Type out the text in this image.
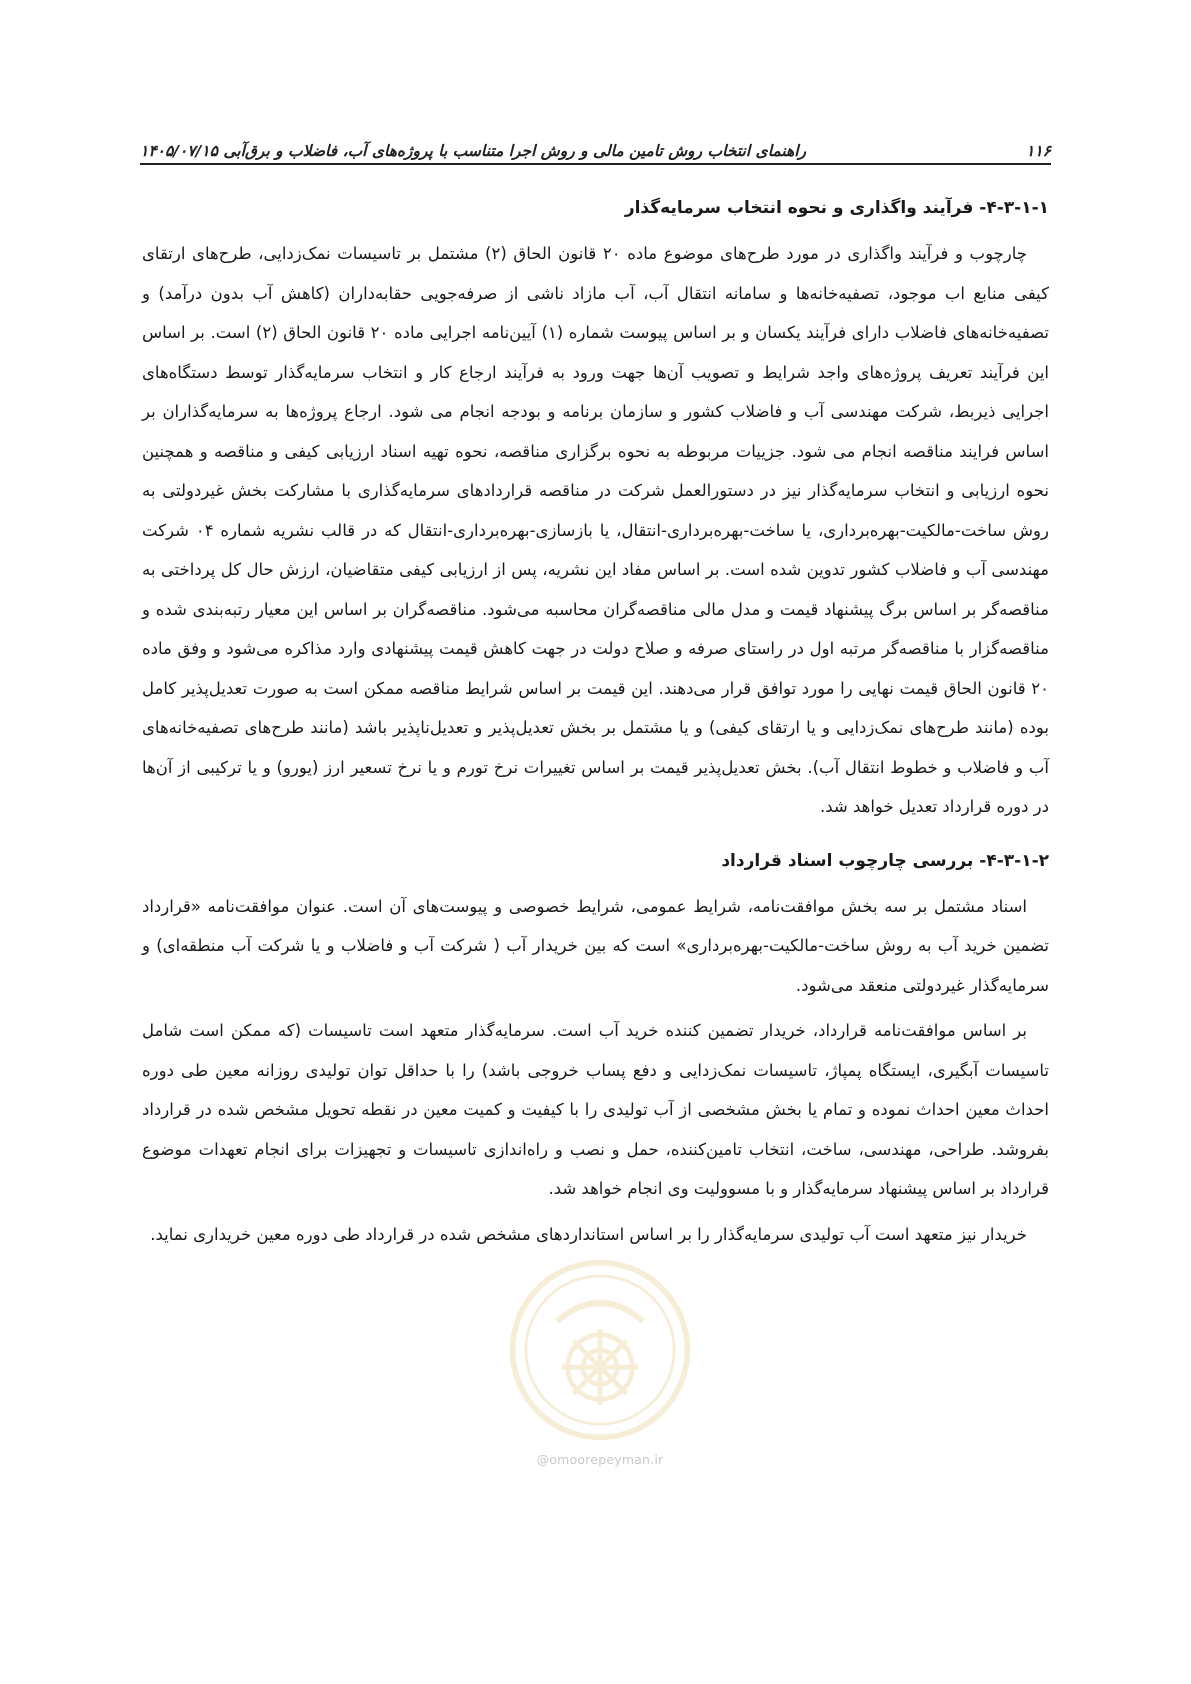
۱۱۶
راهنمای انتخاب روش تامین مالی و روش اجرا متناسب با پروژه‌های آب، فاضلاب و برق‌آبی ۱۴۰۵/۰۷/۱۵
۴-۳-۱-۱- فرآیند واگذاری و نحوه انتخاب سرمایه‌گذار

چارچوب و فرآیند واگذاری در مورد طرح‌های موضوع ماده ۲۰ قانون الحاق (۲) مشتمل بر تاسیسات نمک‌زدایی، طرح‌های ارتقای کیفی منابع اب موجود، تصفیه‌خانه‌ها و سامانه انتقال آب، آب مازاد ناشی از صرفه‌جویی حقابه‌داران (کاهش آب بدون درآمد) و تصفیه‌خانه‌های فاضلاب دارای فرآیند یکسان و بر اساس پیوست شماره (۱) آیین‌نامه اجرایی ماده ۲۰ قانون الحاق (۲) است. بر اساس این فرآیند تعریف پروژه‌های واجد شرایط و تصویب آن‌ها جهت ورود به فرآیند ارجاع کار و انتخاب سرمایه‌گذار توسط دستگاه‌های اجرایی ذیربط، شرکت مهندسی آب و فاضلاب کشور و سازمان برنامه و بودجه انجام می شود. ارجاع پروژه‌ها به سرمایه‌گذاران بر اساس فرایند مناقصه انجام می شود. جزییات مربوطه به نحوه برگزاری مناقصه، نحوه تهیه اسناد ارزیابی کیفی و مناقصه و همچنین نحوه ارزیابی و انتخاب سرمایه‌گذار نیز در دستورالعمل شرکت در مناقصه قراردادهای سرمایه‌گذاری با مشارکت بخش غیردولتی به روش ساخت-مالکیت-بهره‌برداری، یا ساخت-بهره‌برداری-انتقال، یا بازسازی-بهره‌برداری-انتقال که در قالب نشریه شماره ۰۴ شرکت مهندسی آب و فاضلاب کشور تدوین شده است. بر اساس مفاد این نشریه، پس از ارزیابی کیفی متقاضیان، ارزش حال کل پرداختی به مناقصه‌گر بر اساس برگ پیشنهاد قیمت و مدل مالی مناقصه‌گران محاسبه می‌شود. مناقصه‌گران بر اساس این معیار رتبه‌بندی شده و مناقصه‌گزار با مناقصه‌گر مرتبه اول در راستای صرفه و صلاح دولت در جهت کاهش قیمت پیشنهادی وارد مذاکره می‌شود و وفق ماده ۲۰ قانون الحاق قیمت نهایی را مورد توافق قرار می‌دهند. این قیمت بر اساس شرایط مناقصه ممکن است به صورت تعدیل‌پذیر کامل بوده (مانند طرح‌های نمک‌زدایی و یا ارتقای کیفی) و یا مشتمل بر بخش تعدیل‌پذیر و تعدیل‌ناپذیر باشد (مانند طرح‌های تصفیه‌خانه‌های آب و فاضلاب و خطوط انتقال آب). بخش تعدیل‌پذیر قیمت بر اساس تغییرات نرخ تورم و یا نرخ تسعیر ارز (یورو) و یا ترکیبی از آن‌ها در دوره قرارداد تعدیل خواهد شد.

۴-۳-۱-۲- بررسی چارچوب اسناد قرارداد

اسناد مشتمل بر سه بخش موافقت‌نامه، شرایط عمومی، شرایط خصوصی و پیوست‌های آن است. عنوان موافقت‌نامه «قرارداد تضمین خرید آب به روش ساخت-مالکیت-بهره‌برداری» است که بین خریدار آب ( شرکت آب و فاضلاب و یا شرکت آب منطقه‌ای) و سرمایه‌گذار غیردولتی منعقد می‌شود.

بر اساس موافقت‌نامه قرارداد، خریدار تضمین کننده خرید آب است. سرمایه‌گذار متعهد است تاسیسات (که ممکن است شامل تاسیسات آبگیری، ایستگاه پمپاژ، تاسیسات نمک‌زدایی و دفع پساب خروجی باشد) را با حداقل توان تولیدی روزانه معین طی دوره احداث معین احداث نموده و تمام یا بخش مشخصی از آب تولیدی را با کیفیت و کمیت معین در نقطه تحویل مشخص شده در قرارداد بفروشد. طراحی، مهندسی، ساخت، انتخاب تامین‌کننده، حمل و نصب و راه‌اندازی تاسیسات و تجهیزات برای انجام تعهدات موضوع قرارداد بر اساس پیشنهاد سرمایه‌گذار و با مسوولیت وی انجام خواهد شد.

خریدار نیز متعهد است آب تولیدی سرمایه‌گذار را بر اساس استانداردهای مشخص شده در قرارداد طی دوره معین خریداری نماید.

@omoorepeyman.ir
